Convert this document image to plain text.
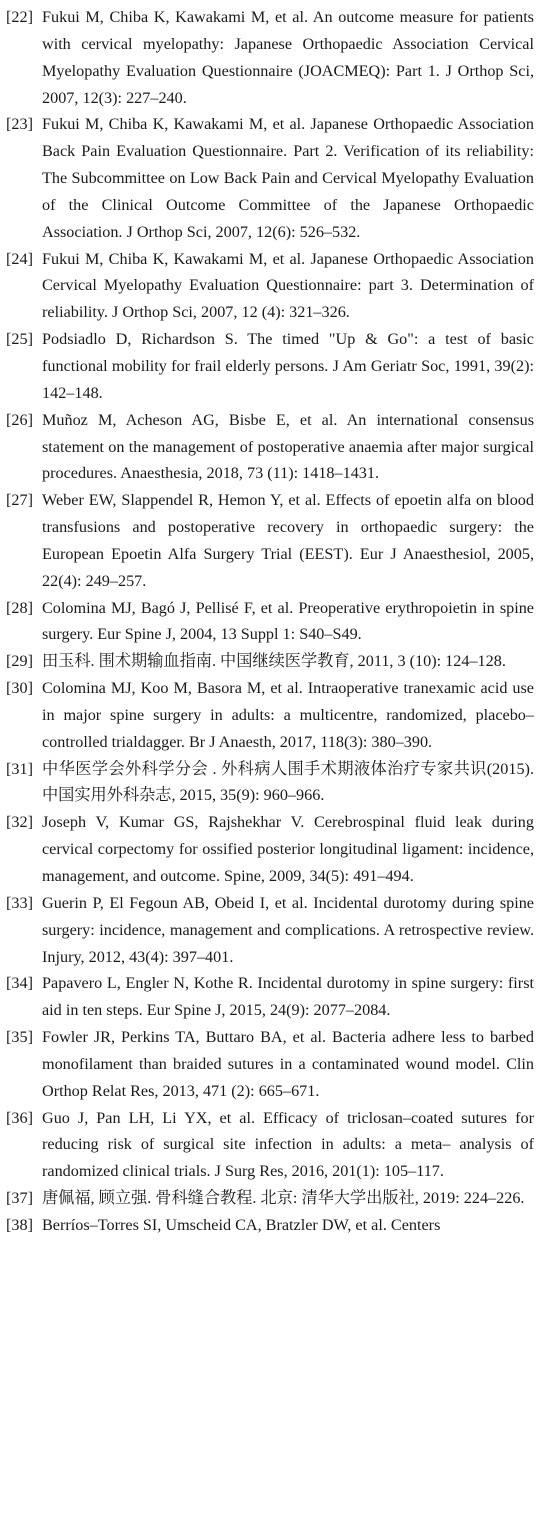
[22] Fukui M, Chiba K, Kawakami M, et al. An outcome measure for patients with cervical myelopathy: Japanese Orthopaedic Association Cervical Myelopathy Evaluation Questionnaire (JOACMEQ): Part 1. J Orthop Sci, 2007, 12(3): 227–240.
[23] Fukui M, Chiba K, Kawakami M, et al. Japanese Orthopaedic Association Back Pain Evaluation Questionnaire. Part 2. Verification of its reliability: The Subcommittee on Low Back Pain and Cervical Myelopathy Evaluation of the Clinical Outcome Committee of the Japanese Orthopaedic Association. J Orthop Sci, 2007, 12(6): 526–532.
[24] Fukui M, Chiba K, Kawakami M, et al. Japanese Orthopaedic Association Cervical Myelopathy Evaluation Questionnaire: part 3. Determination of reliability. J Orthop Sci, 2007, 12 (4): 321–326.
[25] Podsiadlo D, Richardson S. The timed "Up & Go": a test of basic functional mobility for frail elderly persons. J Am Geriatr Soc, 1991, 39(2): 142–148.
[26] Muñoz M, Acheson AG, Bisbe E, et al. An international consensus statement on the management of postoperative anaemia after major surgical procedures. Anaesthesia, 2018, 73 (11): 1418–1431.
[27] Weber EW, Slappendel R, Hemon Y, et al. Effects of epoetin alfa on blood transfusions and postoperative recovery in orthopaedic surgery: the European Epoetin Alfa Surgery Trial (EEST). Eur J Anaesthesiol, 2005, 22(4): 249–257.
[28] Colomina MJ, Bagó J, Pellisé F, et al. Preoperative erythropoietin in spine surgery. Eur Spine J, 2004, 13 Suppl 1: S40–S49.
[29] 田玉科. 围术期输血指南. 中国继续医学教育, 2011, 3 (10): 124–128.
[30] Colomina MJ, Koo M, Basora M, et al. Intraoperative tranexamic acid use in major spine surgery in adults: a multicentre, randomized, placebo–controlled trialdagger. Br J Anaesth, 2017, 118(3): 380–390.
[31] 中华医学会外科学分会 . 外科病人围手术期液体治疗专家共识(2015). 中国实用外科杂志, 2015, 35(9): 960–966.
[32] Joseph V, Kumar GS, Rajshekhar V. Cerebrospinal fluid leak during cervical corpectomy for ossified posterior longitudinal ligament: incidence, management, and outcome. Spine, 2009, 34(5): 491–494.
[33] Guerin P, El Fegoun AB, Obeid I, et al. Incidental durotomy during spine surgery: incidence, management and complications. A retrospective review. Injury, 2012, 43(4): 397–401.
[34] Papavero L, Engler N, Kothe R. Incidental durotomy in spine surgery: first aid in ten steps. Eur Spine J, 2015, 24(9): 2077–2084.
[35] Fowler JR, Perkins TA, Buttaro BA, et al. Bacteria adhere less to barbed monofilament than braided sutures in a contaminated wound model. Clin Orthop Relat Res, 2013, 471 (2): 665–671.
[36] Guo J, Pan LH, Li YX, et al. Efficacy of triclosan–coated sutures for reducing risk of surgical site infection in adults: a meta– analysis of randomized clinical trials. J Surg Res, 2016, 201(1): 105–117.
[37] 唐佩福, 顾立强. 骨科缝合教程. 北京: 清华大学出版社, 2019: 224–226.
[38] Berríos–Torres SI, Umscheid CA, Bratzler DW, et al. Centers
